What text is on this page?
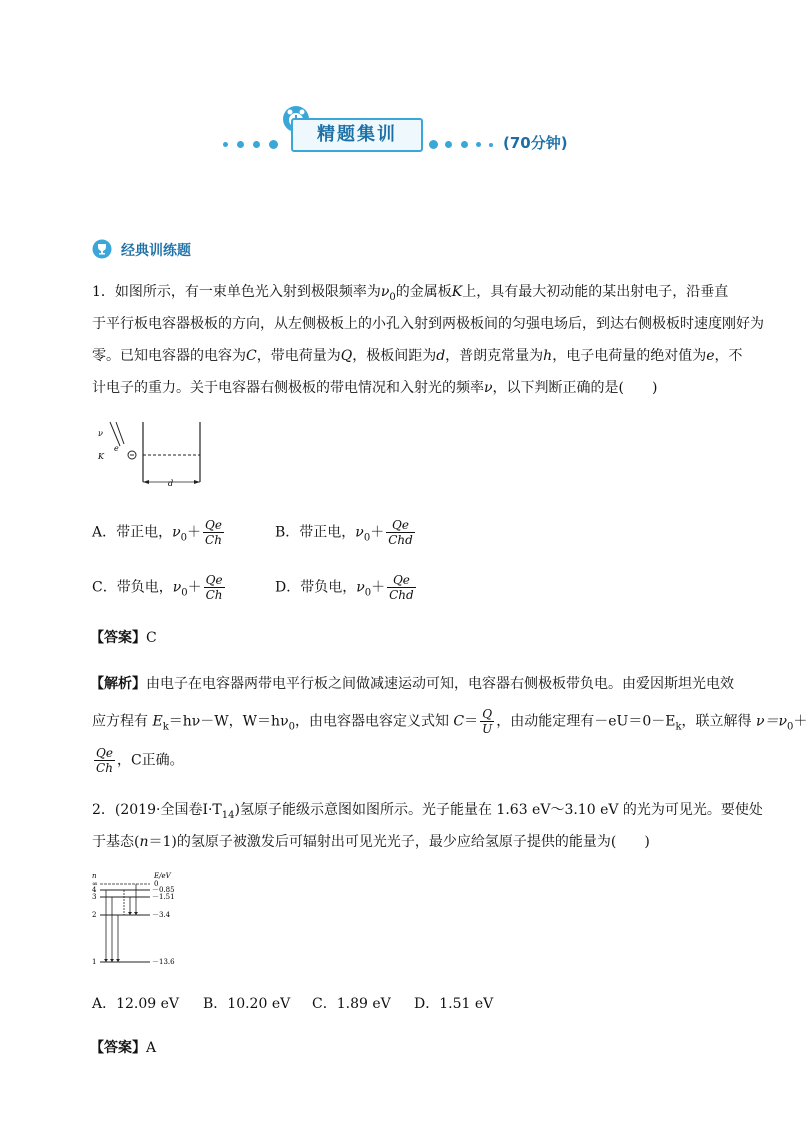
精题集训	(70分钟)
经典训练题
1．如图所示，有一束单色光入射到极限频率为$\nu_0$的金属板K上，具有最大初动能的某出射电子，沿垂直
于平行板电容器极板的方向，从左侧极板上的小孔入射到两极板间的匀强电场后，到达右侧极板时速度刚好为
零。已知电容器的电容为C，带电荷量为Q，极板间距为d，普朗克常量为h，电子电荷量的绝对值为e，不
计电子的重力。关于电容器右侧极板的带电情况和入射光的频率ν，以下判断正确的是(　　)
ν
e
K
d
A．带正电，$\nu_0+ \frac{Qe}{Ch}$	B．带正电，$\nu_0+ \frac{Qe}{\text{Chd}}$
C．带负电，$\nu_0+ \frac{Qe}{Ch}$	D．带负电，$\nu_0+ \frac{Qe}{\text{Chd}}$
【答案】C
【解析】由电子在电容器两带电平行板之间做减速运动可知，电容器右侧极板带负电。由爱因斯坦光电效
应方程有 $E_k=h\nu-W$，$W=h\nu_0$，由电容器电容定义式知 $C= \frac{Q}{U}$ ，由动能定理有$-eU=0-E_k$，联立解得 $\nu=\nu_0+$
$\frac{Qe}{Ch}$ ，C正确。
2．(2019·全国卷$Ⅰ\cdot T_{14}$)氢原子能级示意图如图所示。光子能量在 1.63 eV～3.10 eV 的光为可见光。要使处
于基态(n＝1)的氢原子被激发后可辐射出可见光光子，最少应给氢原子提供的能量为(　　)
n	E/eV
∞
4
3
2
1
0
－0.85
－1.51
－3.4
－13.6
A．12.09 eV B．10.20 eV C．1.89 eV D．1.51 eV
【答案】A
